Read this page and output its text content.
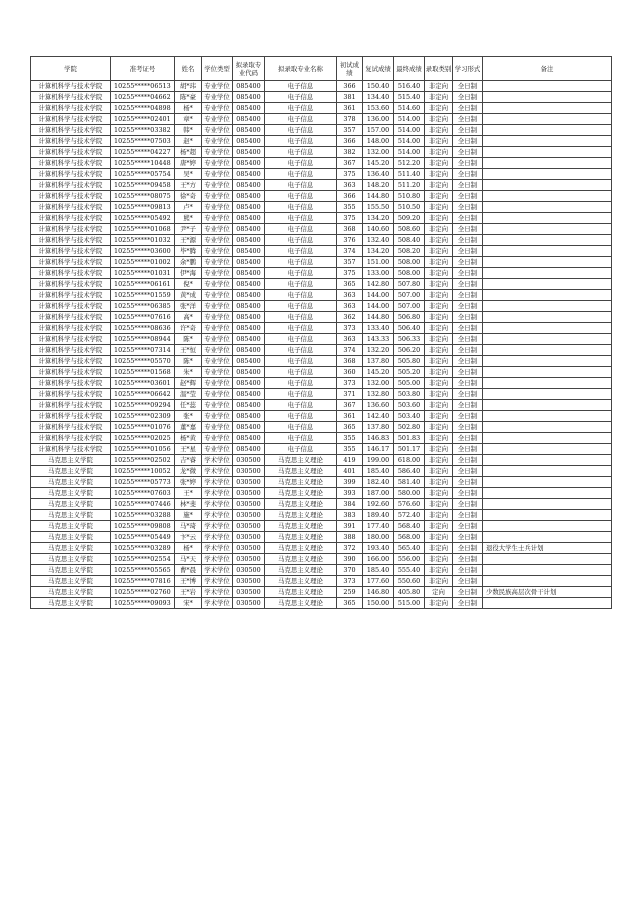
学院	准考证号	姓名	学位类型	拟录取专业代码	拟录取专业名称	初试成绩	复试成绩	最终成绩	录取类别	学习形式	备注
计算机科学与技术学院	10255*****06513	胡*玮	专业学位	085400	电子信息	366	150.40	516.40	非定向	全日制	
计算机科学与技术学院	10255*****04662	陈*豪	专业学位	085400	电子信息	381	134.40	515.40	非定向	全日制	
计算机科学与技术学院	10255*****04898	杨*	专业学位	085400	电子信息	361	153.60	514.60	非定向	全日制	
计算机科学与技术学院	10255*****02401	章*	专业学位	085400	电子信息	378	136.00	514.00	非定向	全日制	
计算机科学与技术学院	10255*****03382	韩*	专业学位	085400	电子信息	357	157.00	514.00	非定向	全日制	
计算机科学与技术学院	10255*****07503	赵*	专业学位	085400	电子信息	366	148.00	514.00	非定向	全日制	
计算机科学与技术学院	10255*****04227	杨*超	专业学位	085400	电子信息	382	132.00	514.00	非定向	全日制	
计算机科学与技术学院	10255*****10448	唐*婷	专业学位	085400	电子信息	367	145.20	512.20	非定向	全日制	
计算机科学与技术学院	10255*****05754	吴*	专业学位	085400	电子信息	375	136.40	511.40	非定向	全日制	
计算机科学与技术学院	10255*****09458	王*方	专业学位	085400	电子信息	363	148.20	511.20	非定向	全日制	
计算机科学与技术学院	10255*****08075	徐*奇	专业学位	085400	电子信息	366	144.80	510.80	非定向	全日制	
计算机科学与技术学院	10255*****09813	卢*	专业学位	085400	电子信息	355	155.50	510.50	非定向	全日制	
计算机科学与技术学院	10255*****05492	熊*	专业学位	085400	电子信息	375	134.20	509.20	非定向	全日制	
计算机科学与技术学院	10255*****01068	尹*子	专业学位	085400	电子信息	368	140.60	508.60	非定向	全日制	
计算机科学与技术学院	10255*****01032	王*源	专业学位	085400	电子信息	376	132.40	508.40	非定向	全日制	
计算机科学与技术学院	10255*****03600	毕*腾	专业学位	085400	电子信息	374	134.20	508.20	非定向	全日制	
计算机科学与技术学院	10255*****01002	余*鹏	专业学位	085400	电子信息	357	151.00	508.00	非定向	全日制	
计算机科学与技术学院	10255*****01031	伊*海	专业学位	085400	电子信息	375	133.00	508.00	非定向	全日制	
计算机科学与技术学院	10255*****06161	倪*	专业学位	085400	电子信息	365	142.80	507.80	非定向	全日制	
计算机科学与技术学院	10255*****01559	黄*成	专业学位	085400	电子信息	363	144.00	507.00	非定向	全日制	
计算机科学与技术学院	10255*****06385	张*洋	专业学位	085400	电子信息	363	144.00	507.00	非定向	全日制	
计算机科学与技术学院	10255*****07616	高*	专业学位	085400	电子信息	362	144.80	506.80	非定向	全日制	
计算机科学与技术学院	10255*****08636	许*奇	专业学位	085400	电子信息	373	133.40	506.40	非定向	全日制	
计算机科学与技术学院	10255*****08944	陈*	专业学位	085400	电子信息	363	143.33	506.33	非定向	全日制	
计算机科学与技术学院	10255*****07314	王*恒	专业学位	085400	电子信息	374	132.20	506.20	非定向	全日制	
计算机科学与技术学院	10255*****05570	陈*	专业学位	085400	电子信息	368	137.80	505.80	非定向	全日制	
计算机科学与技术学院	10255*****01568	朱*	专业学位	085400	电子信息	360	145.20	505.20	非定向	全日制	
计算机科学与技术学院	10255*****03601	赵*辉	专业学位	085400	电子信息	373	132.00	505.00	非定向	全日制	
计算机科学与技术学院	10255*****06642	温*莹	专业学位	085400	电子信息	371	132.80	503.80	非定向	全日制	
计算机科学与技术学院	10255*****09294	任*蕊	专业学位	085400	电子信息	367	136.60	503.60	非定向	全日制	
计算机科学与技术学院	10255*****02309	张*	专业学位	085400	电子信息	361	142.40	503.40	非定向	全日制	
计算机科学与技术学院	10255*****01076	董*嘉	专业学位	085400	电子信息	365	137.80	502.80	非定向	全日制	
计算机科学与技术学院	10255*****02025	杨*黄	专业学位	085400	电子信息	355	146.83	501.83	非定向	全日制	
计算机科学与技术学院	10255*****01056	王*星	专业学位	085400	电子信息	355	146.17	501.17	非定向	全日制	
马克思主义学院	10255*****02502	吉*睿	学术学位	030500	马克思主义理论	419	199.00	618.00	非定向	全日制	
马克思主义学院	10255*****10052	龙*微	学术学位	030500	马克思主义理论	401	185.40	586.40	非定向	全日制	
马克思主义学院	10255*****05773	张*婷	学术学位	030500	马克思主义理论	399	182.40	581.40	非定向	全日制	
马克思主义学院	10255*****07603	王*	学术学位	030500	马克思主义理论	393	187.00	580.00	非定向	全日制	
马克思主义学院	10255*****07446	林*斐	学术学位	030500	马克思主义理论	384	192.60	576.60	非定向	全日制	
马克思主义学院	10255*****03288	施*	学术学位	030500	马克思主义理论	383	189.40	572.40	非定向	全日制	
马克思主义学院	10255*****09808	马*琦	学术学位	030500	马克思主义理论	391	177.40	568.40	非定向	全日制	
马克思主义学院	10255*****05449	卞*云	学术学位	030500	马克思主义理论	388	180.00	568.00	非定向	全日制	
马克思主义学院	10255*****03289	杨*	学术学位	030500	马克思主义理论	372	193.40	565.40	非定向	全日制	退役大学生士兵计划
马克思主义学院	10255*****02554	马*天	学术学位	030500	马克思主义理论	390	166.00	556.00	非定向	全日制	
马克思主义学院	10255*****05565	曹*晨	学术学位	030500	马克思主义理论	370	185.40	555.40	非定向	全日制	
马克思主义学院	10255*****07816	王*博	学术学位	030500	马克思主义理论	373	177.60	550.60	非定向	全日制	
马克思主义学院	10255*****02760	王*岩	学术学位	030500	马克思主义理论	259	146.80	405.80	定向	全日制	少数民族高层次骨干计划
马克思主义学院	10255*****09093	宋*	学术学位	030500	马克思主义理论	365	150.00	515.00	非定向	全日制	
